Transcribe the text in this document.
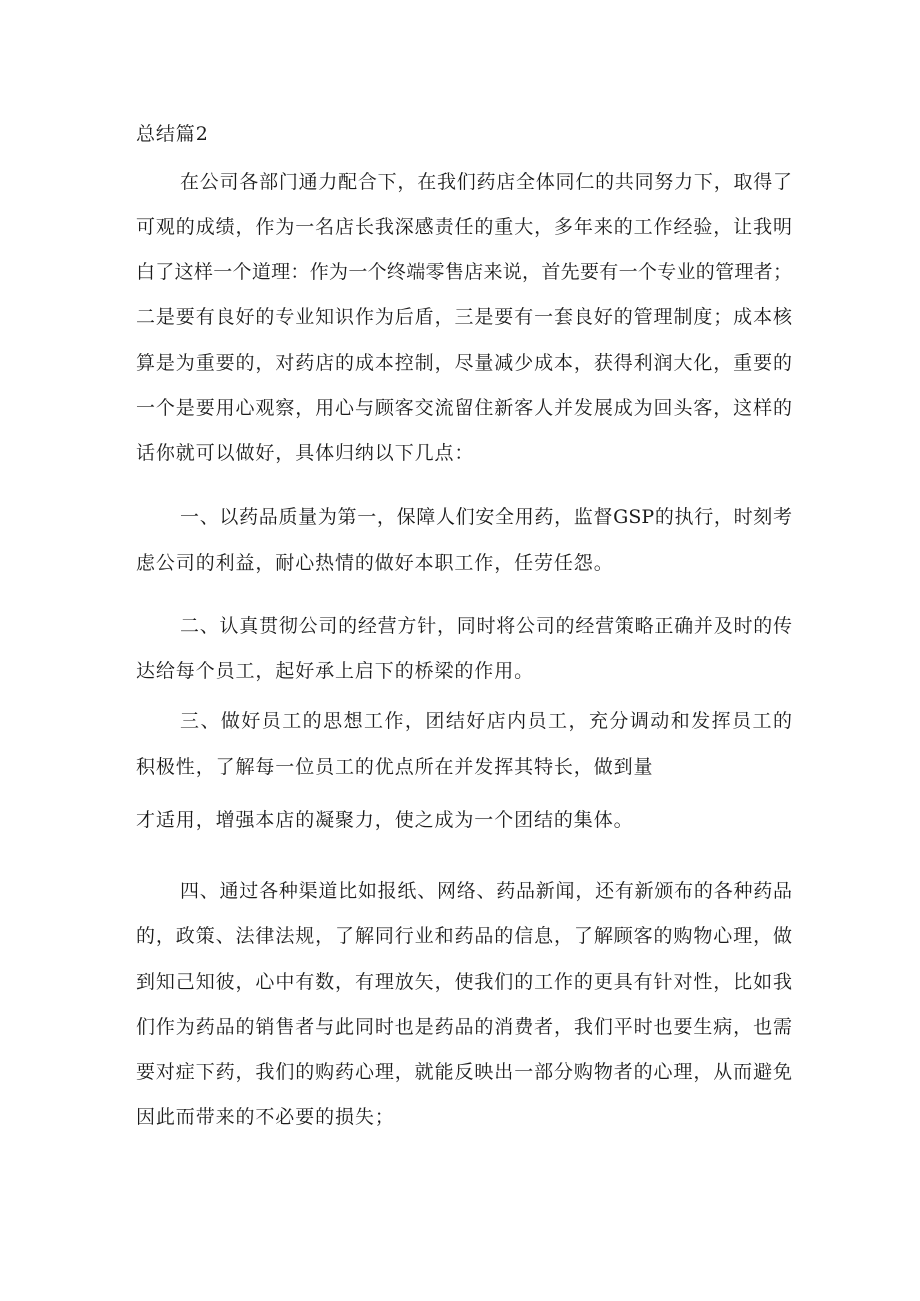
总结篇2
在公司各部门通力配合下，在我们药店全体同仁的共同努力下，取得了
可观的成绩，作为一名店长我深感责任的重大，多年来的工作经验，让我明
白了这样一个道理：作为一个终端零售店来说，首先要有一个专业的管理者；
二是要有良好的专业知识作为后盾，三是要有一套良好的管理制度；成本核
算是为重要的，对药店的成本控制，尽量减少成本，获得利润大化，重要的
一个是要用心观察，用心与顾客交流留住新客人并发展成为回头客，这样的
话你就可以做好，具体归纳以下几点：
一、以药品质量为第一，保障人们安全用药，监督GSP的执行，时刻考
虑公司的利益，耐心热情的做好本职工作，任劳任怨。
二、认真贯彻公司的经营方针，同时将公司的经营策略正确并及时的传
达给每个员工，起好承上启下的桥梁的作用。
三、做好员工的思想工作，团结好店内员工，充分调动和发挥员工的
积极性，了解每一位员工的优点所在并发挥其特长，做到量
才适用，增强本店的凝聚力，使之成为一个团结的集体。
四、通过各种渠道比如报纸、网络、药品新闻，还有新颁布的各种药品
的，政策、法律法规，了解同行业和药品的信息，了解顾客的购物心理，做
到知己知彼，心中有数，有理放矢，使我们的工作的更具有针对性，比如我
们作为药品的销售者与此同时也是药品的消费者，我们平时也要生病，也需
要对症下药，我们的购药心理，就能反映出一部分购物者的心理，从而避免
因此而带来的不必要的损失；
